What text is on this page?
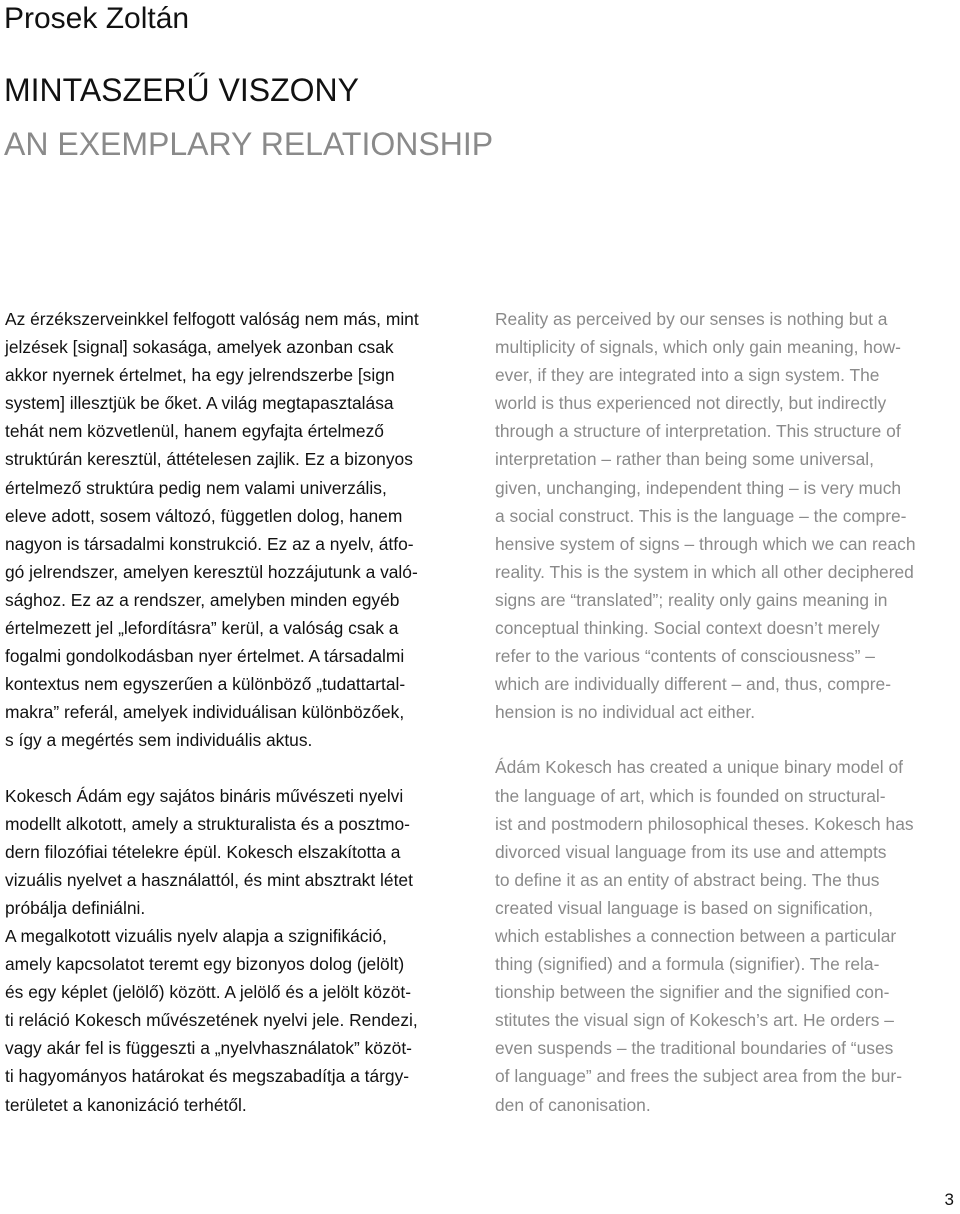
Prosek Zoltán
MINTASZERŰ VISZONY
AN EXEMPLARY RELATIONSHIP

Az érzékszerveinkkel felfogott valóság nem más, mint
jelzések [signal] sokasága, amelyek azonban csak
akkor nyernek értelmet, ha egy jelrendszerbe [sign
system] illesztjük be őket. A világ megtapasztalása
tehát nem közvetlenül, hanem egyfajta értelmező
struktúrán keresztül, áttételesen zajlik. Ez a bizonyos
értelmező struktúra pedig nem valami univerzális,
eleve adott, sosem változó, független dolog, hanem
nagyon is társadalmi konstrukció. Ez az a nyelv, átfo-
gó jelrendszer, amelyen keresztül hozzájutunk a való-
sághoz. Ez az a rendszer, amelyben minden egyéb
értelmezett jel „lefordításra” kerül, a valóság csak a
fogalmi gondolkodásban nyer értelmet. A társadalmi
kontextus nem egyszerűen a különböző „tudattartal-
makra” referál, amelyek individuálisan különbözőek,
s így a megértés sem individuális aktus.

Kokesch Ádám egy sajátos bináris művészeti nyelvi
modellt alkotott, amely a strukturalista és a posztmo-
dern filozófiai tételekre épül. Kokesch elszakította a
vizuális nyelvet a használattól, és mint absztrakt létet
próbálja definiálni.
A megalkotott vizuális nyelv alapja a szignifikáció,
amely kapcsolatot teremt egy bizonyos dolog (jelölt)
és egy képlet (jelölő) között. A jelölő és a jelölt közöt-
ti reláció Kokesch művészetének nyelvi jele. Rendezi,
vagy akár fel is függeszti a „nyelvhasználatok” közöt-
ti hagyományos határokat és megszabadítja a tárgy-
területet a kanonizáció terhétől.

Reality as perceived by our senses is nothing but a
multiplicity of signals, which only gain meaning, how-
ever, if they are integrated into a sign system. The
world is thus experienced not directly, but indirectly
through a structure of interpretation. This structure of
interpretation – rather than being some universal,
given, unchanging, independent thing – is very much
a social construct. This is the language – the compre-
hensive system of signs – through which we can reach
reality. This is the system in which all other deciphered
signs are “translated”; reality only gains meaning in
conceptual thinking. Social context doesn’t merely
refer to the various “contents of consciousness” –
which are individually different – and, thus, compre-
hension is no individual act either.

Ádám Kokesch has created a unique binary model of
the language of art, which is founded on structural-
ist and postmodern philosophical theses. Kokesch has
divorced visual language from its use and attempts
to define it as an entity of abstract being. The thus
created visual language is based on signification,
which establishes a connection between a particular
thing (signified) and a formula (signifier). The rela-
tionship between the signifier and the signified con-
stitutes the visual sign of Kokesch’s art. He orders –
even suspends – the traditional boundaries of “uses
of language” and frees the subject area from the bur-
den of canonisation.

3
